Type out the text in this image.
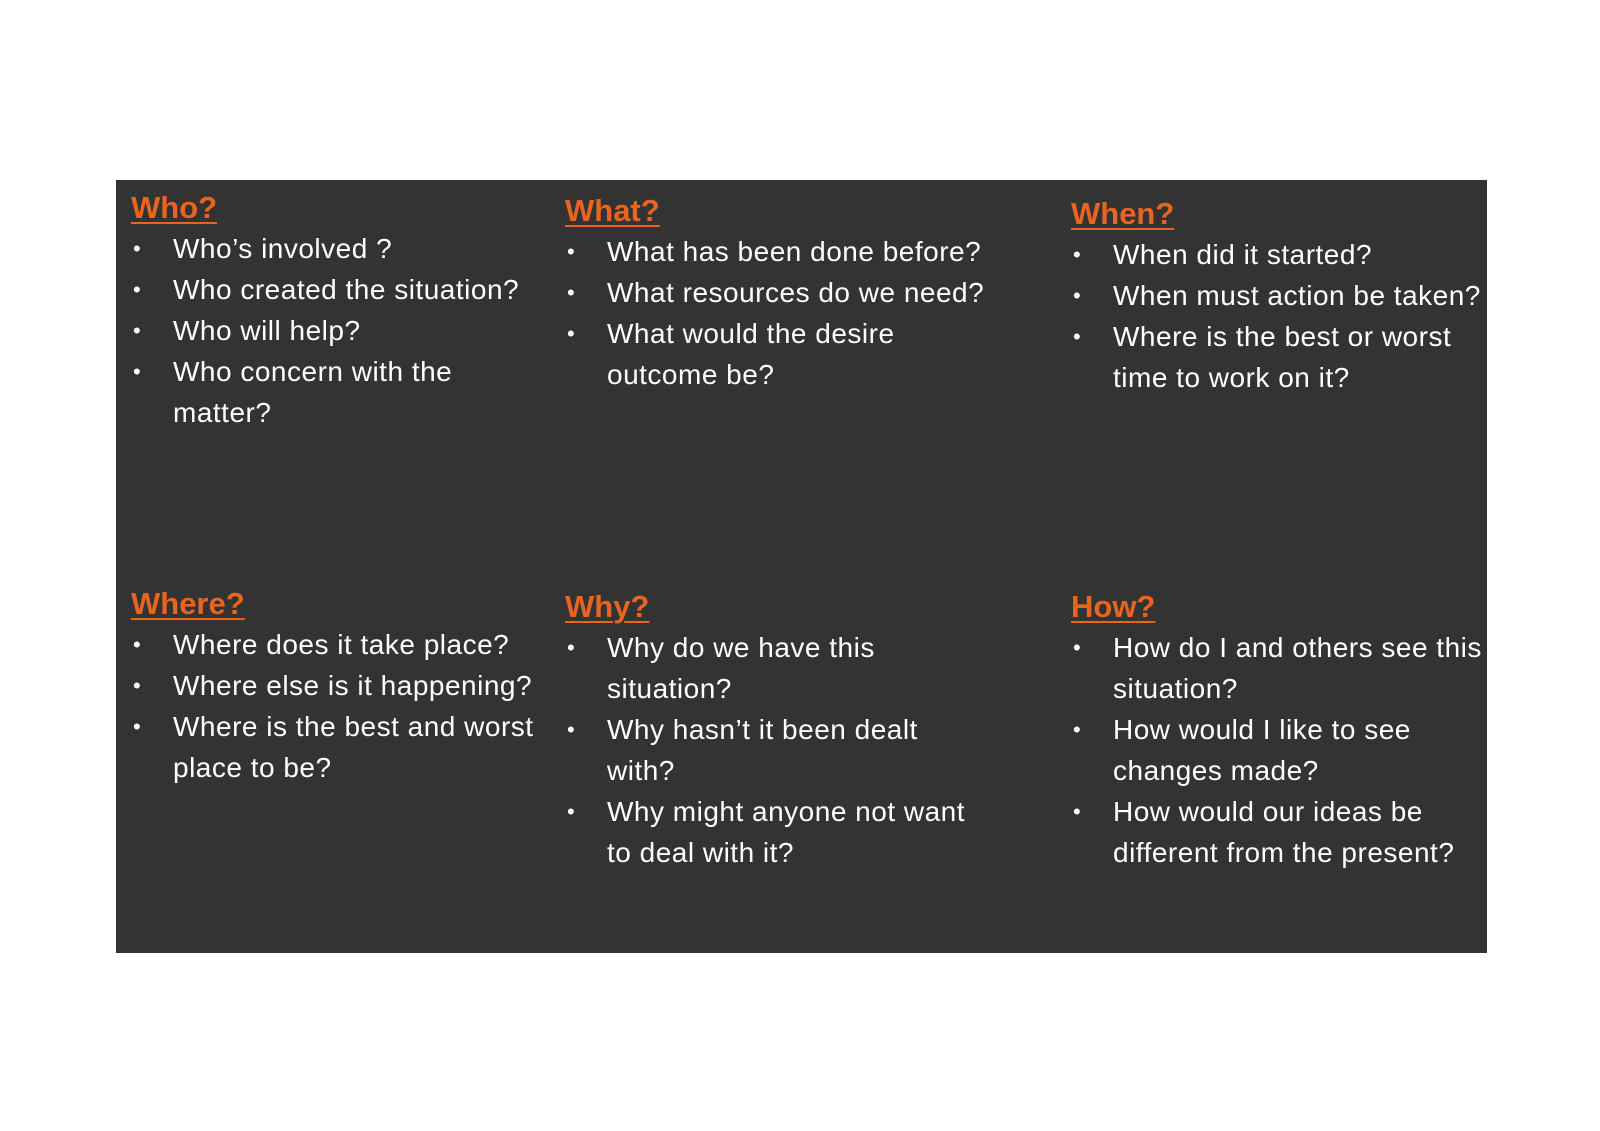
Who?
• Who’s involved ?
• Who created the situation?
• Who will help?
• Who concern with the matter?
What?
• What has been done before?
• What resources do we need?
• What would the desire outcome be?
When?
• When did it started?
• When must action be taken?
• Where is the best or worst time to work on it?
Where?
• Where does it take place?
• Where else is it happening?
• Where is the best and worst place to be?
Why?
• Why do we have this situation?
• Why hasn’t it been dealt with?
• Why might anyone not want to deal with it?
How?
• How do I and others see this situation?
• How would I like to see changes made?
• How would our ideas be different from the present?
